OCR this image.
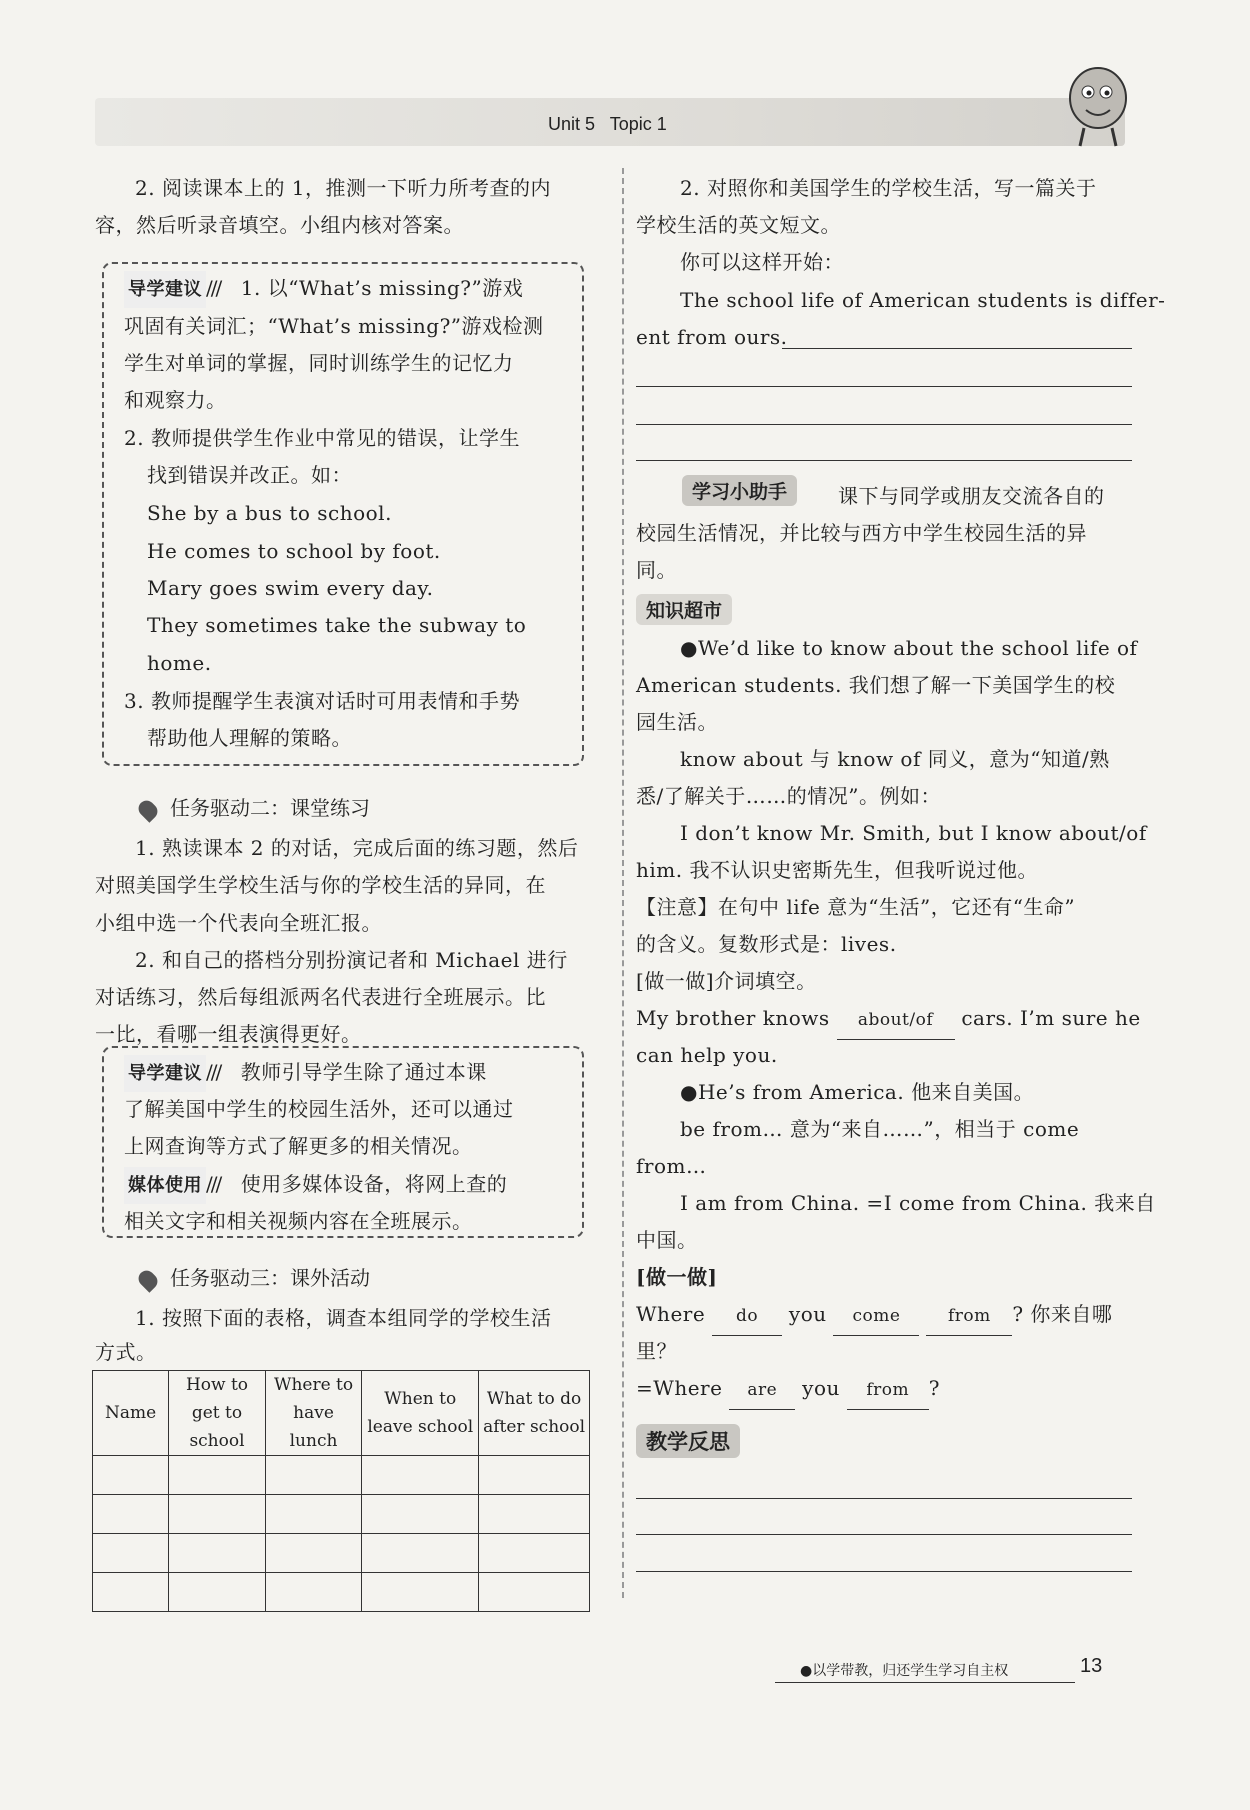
Unit 5 Topic 1
2. 阅读课本上的 1，推测一下听力所考查的内
容，然后听录音填空。小组内核对答案。
导学建议 /// 1. 以“What’s missing?”游戏
巩固有关词汇；“What’s missing?”游戏检测
学生对单词的掌握，同时训练学生的记忆力
和观察力。
2. 教师提供学生作业中常见的错误，让学生
找到错误并改正。如：
She by a bus to school.
He comes to school by foot.
Mary goes swim every day.
They sometimes take the subway to
home.
3. 教师提醒学生表演对话时可用表情和手势
帮助他人理解的策略。
任务驱动二：课堂练习
1. 熟读课本 2 的对话，完成后面的练习题，然后
对照美国学生学校生活与你的学校生活的异同，在
小组中选一个代表向全班汇报。
2. 和自己的搭档分别扮演记者和 Michael 进行
对话练习，然后每组派两名代表进行全班展示。比
一比，看哪一组表演得更好。
导学建议 /// 教师引导学生除了通过本课
了解美国中学生的校园生活外，还可以通过
上网查询等方式了解更多的相关情况。
媒体使用 /// 使用多媒体设备，将网上查的
相关文字和相关视频内容在全班展示。
任务驱动三：课外活动
1. 按照下面的表格，调查本组同学的学校生活
方式。
Name	How to get to school	Where to have lunch	When to leave school	What to do after school

2. 对照你和美国学生的学校生活，写一篇关于
学校生活的英文短文。
你可以这样开始：
The school life of American students is differ-
ent from ours.
学习小助手	课下与同学或朋友交流各自的
校园生活情况，并比较与西方中学生校园生活的异
同。
知识超市
●We’d like to know about the school life of
American students. 我们想了解一下美国学生的校
园生活。
know about 与 know of 同义，意为“知道/熟
悉/了解关于……的情况”。例如：
I don’t know Mr. Smith, but I know about/of
him. 我不认识史密斯先生，但我听说过他。
【注意】在句中 life 意为“生活”，它还有“生命”
的含义。复数形式是：lives.
[做一做]介词填空。
My brother knows about/of cars. I’m sure he
can help you.
●He’s from America. 他来自美国。
be from… 意为“来自……”，相当于 come
from…
I am from China. =I come from China. 我来自
中国。
[做一做]
Where do you come	from ? 你来自哪
里？
=Where are you from ?
教学反思
●以学带教，归还学生学习自主权	13
